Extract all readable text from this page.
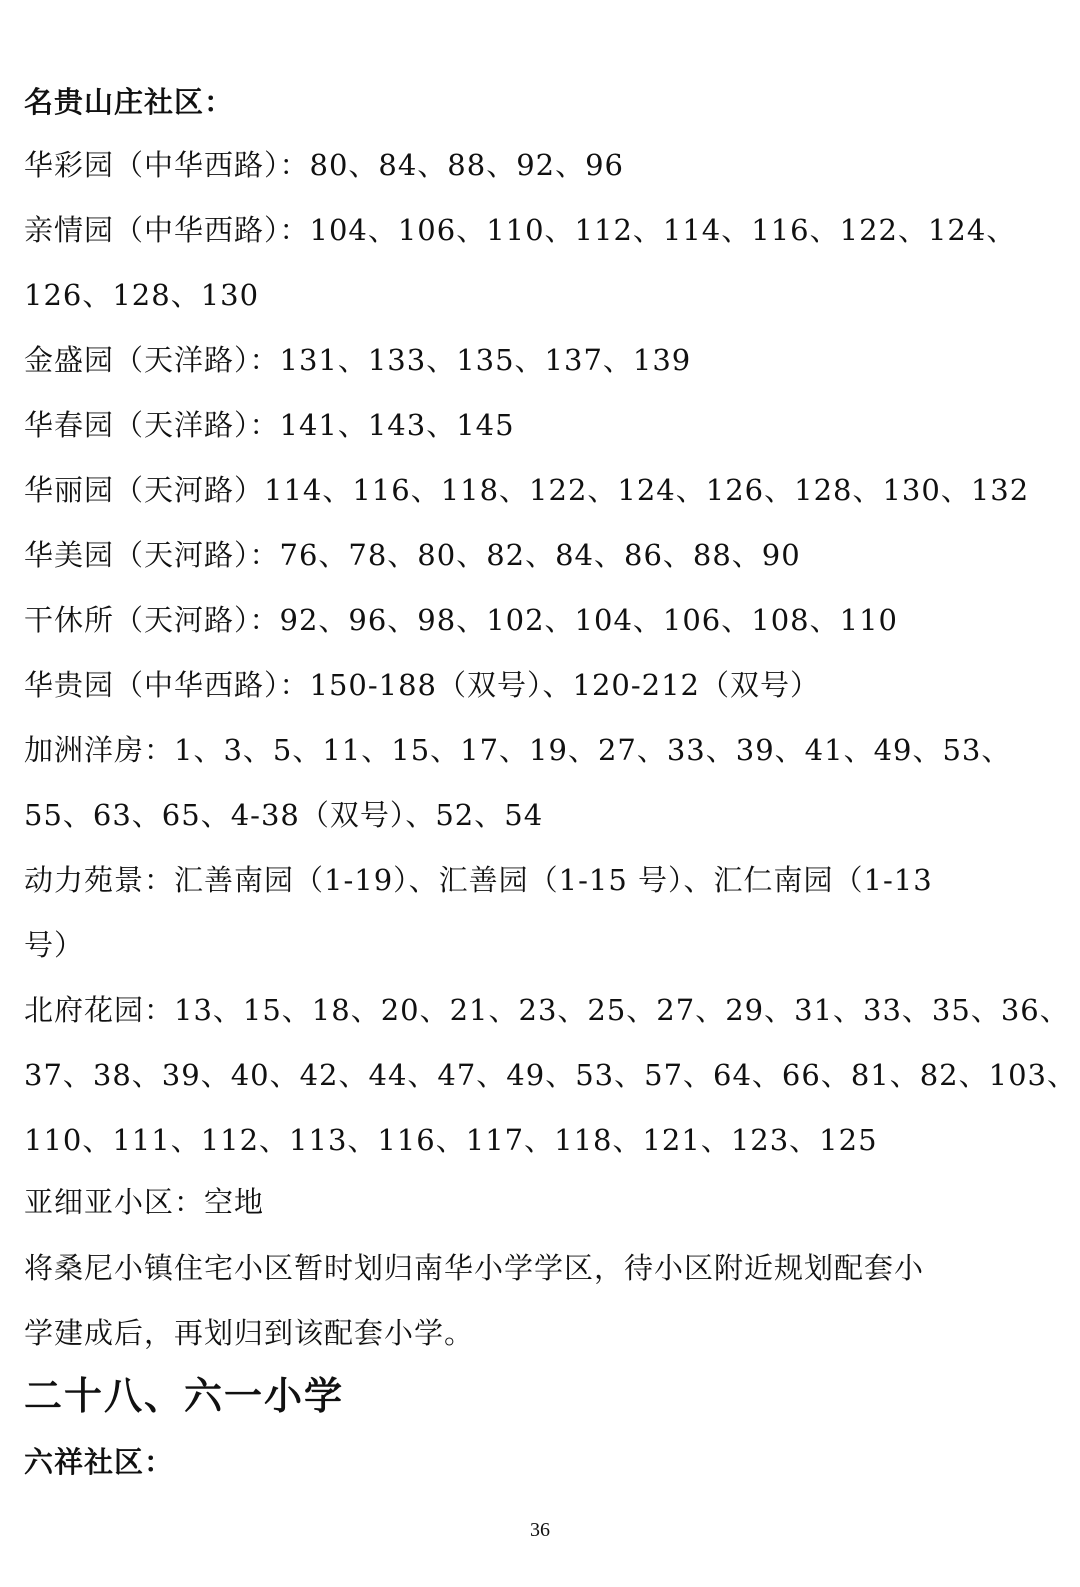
名贵山庄社区：
华彩园（中华西路）：80、84、88、92、96
亲情园（中华西路）：104、106、110、112、114、116、122、124、
126、128、130
金盛园（天洋路）：131、133、135、137、139
华春园（天洋路）：141、143、145
华丽园（天河路）114、116、118、122、124、126、128、130、132
华美园（天河路）：76、78、80、82、84、86、88、90
干休所（天河路）：92、96、98、102、104、106、108、110
华贵园（中华西路）：150-188（双号）、120-212（双号）
加洲洋房：1、3、5、11、15、17、19、27、33、39、41、49、53、
55、63、65、4-38（双号）、52、54
动力苑景：汇善南园（1-19）、汇善园（1-15 号）、汇仁南园（1-13
号）
北府花园：13、15、18、20、21、23、25、27、29、31、33、35、36、
37、38、39、40、42、44、47、49、53、57、64、66、81、82、103、
110、111、112、113、116、117、118、121、123、125
亚细亚小区：空地
将桑尼小镇住宅小区暂时划归南华小学学区，待小区附近规划配套小
学建成后，再划归到该配套小学。
二十八、六一小学
六祥社区：
36
